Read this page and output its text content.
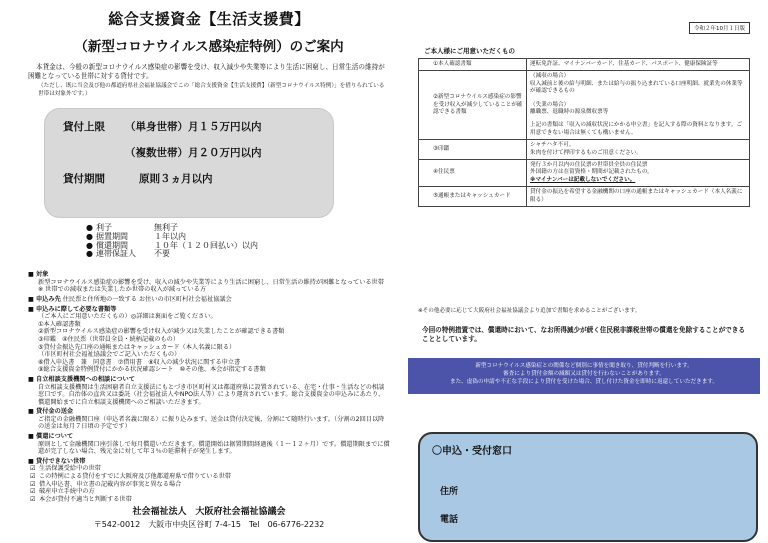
総合支援資金【生活支援費】
（新型コロナウイルス感染症特例）のご案内
本貸金は、今般の新型コロナウイルス感染症の影響を受け、収入減少や失業等により生活に困窮し、日常生活の維持が困難となっている世帯に対する貸付です。
（ただし、既に当会及び他の都道府県社会福祉協議会でこの「総合支援資金【生活支援費】（新型コロナウイルス特例）」を借りられている世帯は対象外です。）
貸付上限 （単身世帯）月１５万円以内
（複数世帯）月２０万円以内
貸付期間	原則３ヵ月以内
● 利子	無利子
● 据置期間	１年以内
● 償還期間	１０年（１２０回払い）以内
● 連帯保証人	不要
■ 対象
新型コロナウイルス感染症の影響を受け、収入の減少や失業等により生活に困窮し、日常生活の維持が困難となっている世帯
※ 世帯での減収または失業したか世帯の収入が減っている方
■ 申込み先 住民票と住所地の一致する お住いの市区町村社会福祉協議会
■ 申込みに際して必要な書類等
（ご本人にご用意いただくもの）◎詳細は裏面をご覧ください。
①本人確認書類
②新型コロナウイルス感染症の影響を受け収入が減少又は失業したことが確認できる書類
③印鑑　④住民票（世帯員全員・続柄記載のもの）
⑤貸付金振込先口座の通帳またはキャッシュカード（本人名義に限る）
（市区町村社会福祉協議会でご記入いただくもの）
⑥借入申込書　兼　同意書　⑦借用書　⑧収入の減少状況に関する申立書
⑨総合支援資金特例貸付にかかる状況確認シート　⑩その他、本会が指定する書類
■ 自立相談支援機関への相談について
自立相談支援機関は生活困窮者自立支援法にもとづき市区町村又は都道府県に設置されている、在宅・仕事・生活などの相談窓口です。自治体の直営又は委託（社会福祉法人やNPO法人等）により運営されています。総合支援資金の申込みにあたり、償還開始までに自立相談支援機関へのご相談いただきます。
■ 貸付金の送金
ご指定の金融機関口座（申込者名義に限る）に振り込みます。送金は貸付決定後、分割にて随時行います。（分割の2回目以降の送金は毎月７日頃の予定です）
■ 償還について
原則として金融機関口座引落しで毎月償還いただきます。償還開始は据置期間経過後（１～１２ヶ月）です。償還期限までに償還が完了しない場合、残元金に対して年３％の延滞利子が発生します。
■ 貸付できない世帯
☑ 生活保護受給中の世帯
☑ この特例による貸付をすでに大阪府及び他都道府県で借りている世帯
☑ 借入申込書、申立書の記載内容が事実と異なる場合
☑ 破産申立手続中の方
☑ 本会が貸付不適当と判断する世帯
社会福祉法人　大阪府社会福祉協議会
〒542-0012　大阪市中央区谷町 7-4-15　Tel　06-6776-2232
令和２年10月１日版
ご本人様にご用意いただくもの
①本人確認書類	運転免許証、マイナンバーカード、住基カード、パスポート、健康保険証等

②新型コロナウイルス感染症の影響を受け収入が減少していることが確認できる書類	（減収の場合）
収入減前と後の給与明細、または給与の振り込まれている口座明細、就業先の休業等が確認できるもの
（失業の場合）
離職票、退職時の源泉徴収票等
上記の書類は「収入の減収状況にかかる申立書」を記入する際の資料となります。ご用意できない場合は無くても構いません。

③印鑑	シャチハタ不可。
朱肉を付けて押印するものご用意ください。

④住民票	発行３か月以内の住民票の世帯員全員の住民票
外国籍の方は在留資格・期間が記載されたもの。
※マイナンバーは記載しないでください。

⑤通帳またはキャッシュカード	貸付金の振込を希望する金融機関の口座の通帳またはキャッシュカード（本人名義に限る）
※その他必要に応じて大阪府社会福祉協議会より追加で書類を求めることがございます。
今回の特例措置では、償還時において、なお所得減少が続く住民税非課税世帯の償還を免除することができることとしています。
新型コロナウイルス感染症との関係など個別に事情を聞き取り、貸付判断を行います。
審査により貸付金額の減額又は貸付を行わないことがあります。
また、虚偽の申請や不正な手段により貸付を受けた場合、貸し付けた資金を即時に返還していただきます。
〇申込・受付窓口
住所
電話
